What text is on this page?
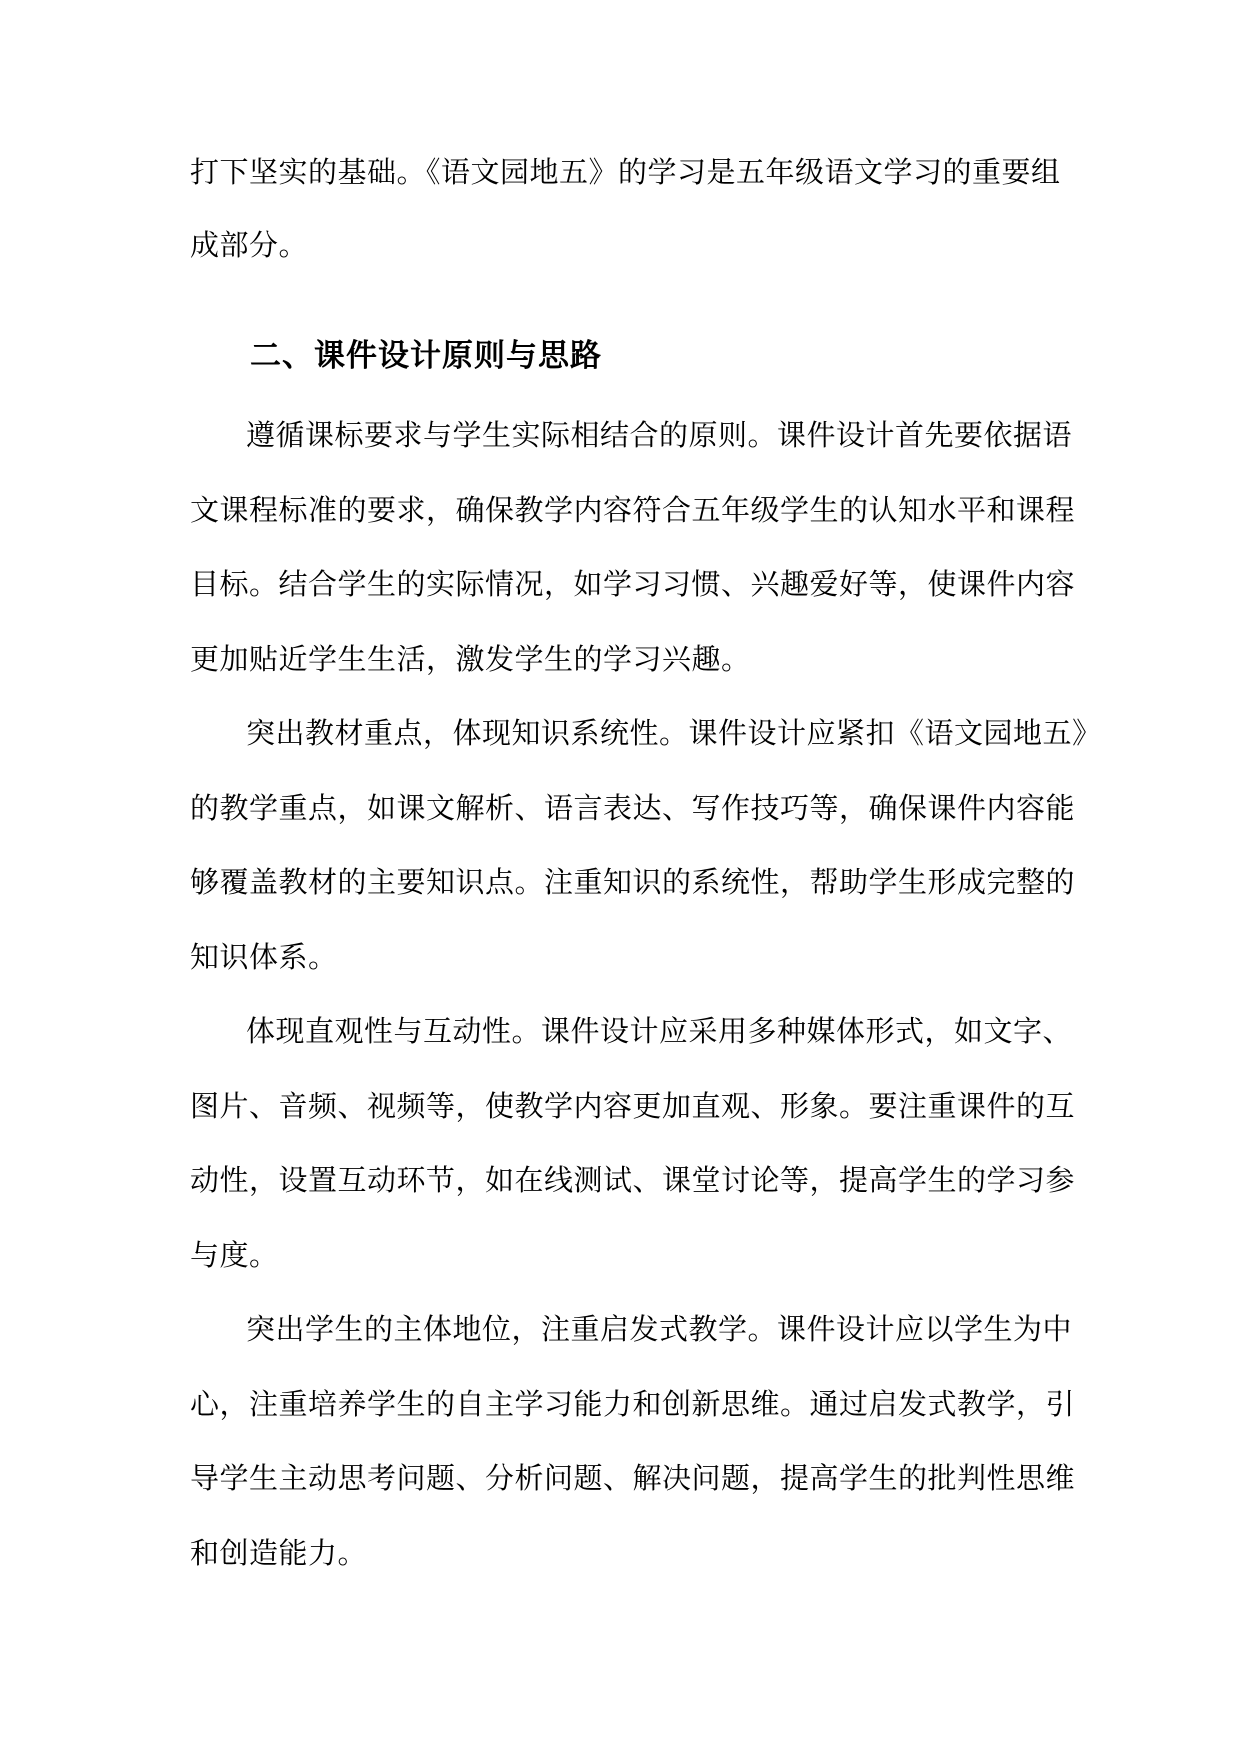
打下坚实的基础。《语文园地五》的学习是五年级语文学习的重要组
成部分。
二、课件设计原则与思路
遵循课标要求与学生实际相结合的原则。课件设计首先要依据语
文课程标准的要求，确保教学内容符合五年级学生的认知水平和课程
目标。结合学生的实际情况，如学习习惯、兴趣爱好等，使课件内容
更加贴近学生生活，激发学生的学习兴趣。
突出教材重点，体现知识系统性。课件设计应紧扣《语文园地五》
的教学重点，如课文解析、语言表达、写作技巧等，确保课件内容能
够覆盖教材的主要知识点。注重知识的系统性，帮助学生形成完整的
知识体系。
体现直观性与互动性。课件设计应采用多种媒体形式，如文字、
图片、音频、视频等，使教学内容更加直观、形象。要注重课件的互
动性，设置互动环节，如在线测试、课堂讨论等，提高学生的学习参
与度。
突出学生的主体地位，注重启发式教学。课件设计应以学生为中
心，注重培养学生的自主学习能力和创新思维。通过启发式教学，引
导学生主动思考问题、分析问题、解决问题，提高学生的批判性思维
和创造能力。
